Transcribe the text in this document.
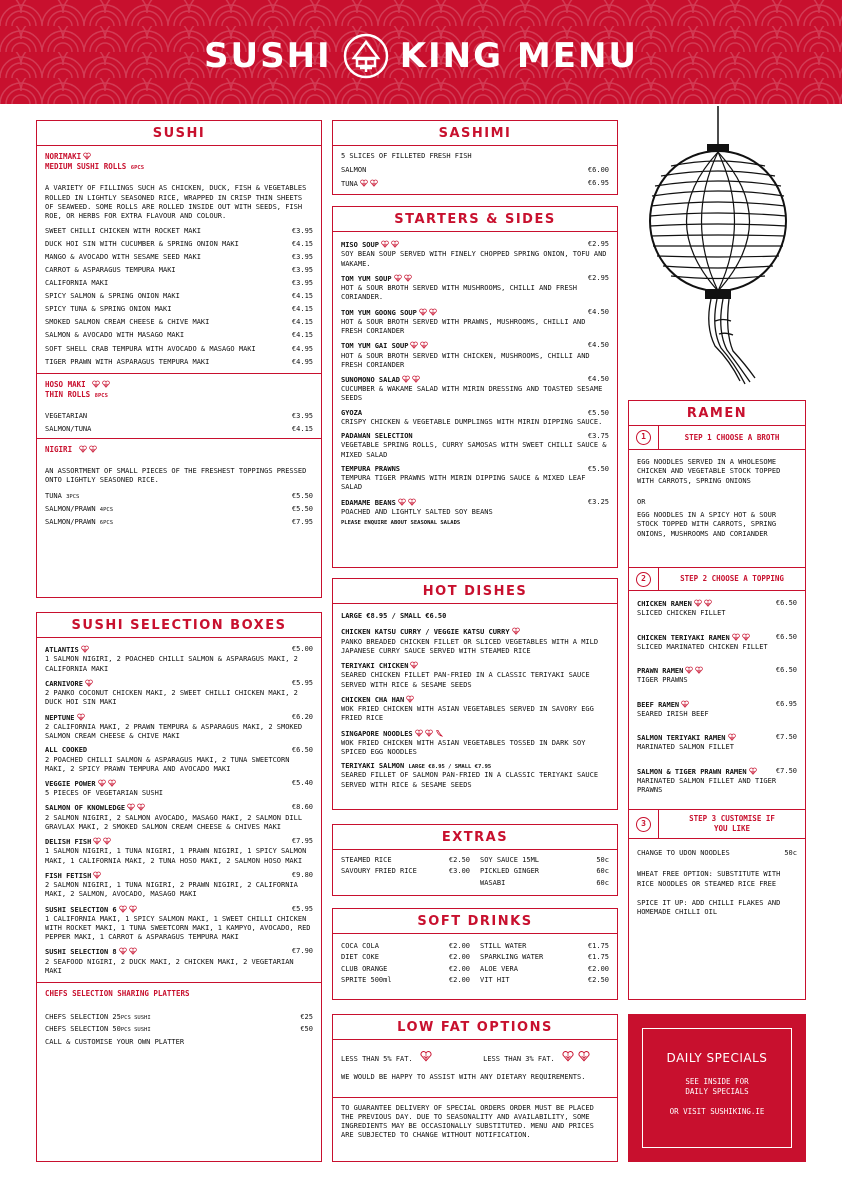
SUSHI KING MENU
SUSHI
NORIMAKI
MEDIUM SUSHI ROLLS 6PCS
A VARIETY OF FILLINGS SUCH AS CHICKEN, DUCK, FISH & VEGETABLES ROLLED IN LIGHTLY SEASONED RICE, WRAPPED IN CRISP THIN SHEETS OF SEAWEED. SOME ROLLS ARE ROLLED INSIDE OUT WITH SEEDS, FISH ROE, OR HERBS FOR EXTRA FLAVOUR AND COLOUR.
SWEET CHILLI CHICKEN WITH ROCKET MAKI	€3.95
DUCK HOI SIN WITH CUCUMBER & SPRING ONION MAKI	€4.15
MANGO & AVOCADO WITH SESAME SEED MAKI	€3.95
CARROT & ASPARAGUS TEMPURA MAKI	€3.95
CALIFORNIA MAKI	€3.95
SPICY SALMON & SPRING ONION MAKI	€4.15
SPICY TUNA & SPRING ONION MAKI	€4.15
SMOKED SALMON CREAM CHEESE & CHIVE MAKI	€4.15
SALMON & AVOCADO WITH MASAGO MAKI	€4.15
SOFT SHELL CRAB TEMPURA WITH AVOCADO & MASAGO MAKI	€4.95
TIGER PRAWN WITH ASPARAGUS TEMPURA MAKI	€4.95
HOSO MAKI
THIN ROLLS 8PCS
VEGETARIAN	€3.95
SALMON/TUNA	€4.15
NIGIRI
AN ASSORTMENT OF SMALL PIECES OF THE FRESHEST TOPPINGS PRESSED ONTO LIGHTLY SEASONED RICE.
TUNA 3PCS	€5.50
SALMON/PRAWN 4PCS	€5.50
SALMON/PRAWN 6PCS	€7.95
SUSHI SELECTION BOXES
ATLANTIS	€5.00
1 SALMON NIGIRI, 2 POACHED CHILLI SALMON & ASPARAGUS MAKI, 2 CALIFORNIA MAKI
CARNIVORE	€5.95
2 PANKO COCONUT CHICKEN MAKI, 2 SWEET CHILLI CHICKEN MAKI, 2 DUCK HOI SIN MAKI
NEPTUNE	€6.20
2 CALIFORNIA MAKI, 2 PRAWN TEMPURA & ASPARAGUS MAKI, 2 SMOKED SALMON CREAM CHEESE & CHIVE MAKI
ALL COOKED	€6.50
2 POACHED CHILLI SALMON & ASPARAGUS MAKI, 2 TUNA SWEETCORN MAKI, 2 SPICY PRAWN TEMPURA AND AVOCADO MAKI
VEGGIE POWER	€5.40
5 PIECES OF VEGETARIAN SUSHI
SALMON OF KNOWLEDGE	€8.60
2 SALMON NIGIRI, 2 SALMON AVOCADO, MASAGO MAKI, 2 SALMON DILL GRAVLAX MAKI, 2 SMOKED SALMON CREAM CHEESE & CHIVES MAKI
DELISH FISH	€7.95
1 SALMON NIGIRI, 1 TUNA NIGIRI, 1 PRAWN NIGIRI, 1 SPICY SALMON MAKI, 1 CALIFORNIA MAKI, 2 TUNA HOSO MAKI, 2 SALMON HOSO MAKI
FISH FETISH	€9.80
2 SALMON NIGIRI, 1 TUNA NIGIRI, 2 PRAWN NIGIRI, 2 CALIFORNIA MAKI, 2 SALMON, AVOCADO, MASAGO MAKI
SUSHI SELECTION 6	€5.95
1 CALIFORNIA MAKI, 1 SPICY SALMON MAKI, 1 SWEET CHILLI CHICKEN WITH ROCKET MAKI, 1 TUNA SWEETCORN MAKI, 1 KAMPYO, AVOCADO, RED PEPPER MAKI, 1 CARROT & ASPARAGUS TEMPURA MAKI
SUSHI SELECTION 8	€7.90
2 SEAFOOD NIGIRI, 2 DUCK MAKI, 2 CHICKEN MAKI, 2 VEGETARIAN MAKI
CHEFS SELECTION SHARING PLATTERS
CHEFS SELECTION 25PCS SUSHI	€25
CHEFS SELECTION 50PCS SUSHI	€50
CALL & CUSTOMISE YOUR OWN PLATTER
SASHIMI
5 SLICES OF FILLETED FRESH FISH
SALMON	€6.00
TUNA	€6.95
STARTERS & SIDES
MISO SOUP	€2.95
SOY BEAN SOUP SERVED WITH FINELY CHOPPED SPRING ONION, TOFU AND WAKAME.
TOM YUM SOUP	€2.95
HOT & SOUR BROTH SERVED WITH MUSHROOMS, CHILLI AND FRESH CORIANDER.
TOM YUM GOONG SOUP	€4.50
HOT & SOUR BROTH SERVED WITH PRAWNS, MUSHROOMS, CHILLI AND FRESH CORIANDER
TOM YUM GAI SOUP	€4.50
HOT & SOUR BROTH SERVED WITH CHICKEN, MUSHROOMS, CHILLI AND FRESH CORIANDER
SUNOMONO SALAD	€4.50
CUCUMBER & WAKAME SALAD WITH MIRIN DRESSING AND TOASTED SESAME SEEDS
GYOZA	€5.50
CRISPY CHICKEN & VEGETABLE DUMPLINGS WITH MIRIN DIPPING SAUCE.
PADAWAN SELECTION	€3.75
VEGETABLE SPRING ROLLS, CURRY SAMOSAS WITH SWEET CHILLI SAUCE & MIXED SALAD
TEMPURA PRAWNS	€5.50
TEMPURA TIGER PRAWNS WITH MIRIN DIPPING SAUCE & MIXED LEAF SALAD
EDAMAME BEANS	€3.25
POACHED AND LIGHTLY SALTED SOY BEANS
PLEASE ENQUIRE ABOUT SEASONAL SALADS
HOT DISHES
LARGE €8.95 / SMALL €6.50
CHICKEN KATSU CURRY / VEGGIE KATSU CURRY
PANKO BREADED CHICKEN FILLET OR SLICED VEGETABLES WITH A MILD JAPANESE CURRY SAUCE SERVED WITH STEAMED RICE
TERIYAKI CHICKEN
SEARED CHICKEN FILLET PAN-FRIED IN A CLASSIC TERIYAKI SAUCE SERVED WITH RICE & SESAME SEEDS
CHICKEN CHA HAN
WOK FRIED CHICKEN WITH ASIAN VEGETABLES SERVED IN SAVORY EGG FRIED RICE
SINGAPORE NOODLES
WOK FRIED CHICKEN WITH ASIAN VEGETABLES TOSSED IN DARK SOY SPICED EGG NOODLES
TERIYAKI SALMON LARGE €8.95 / SMALL €7.95
SEARED FILLET OF SALMON PAN-FRIED IN A CLASSIC TERIYAKI SAUCE SERVED WITH RICE & SESAME SEEDS
EXTRAS
STEAMED RICE	€2.50
SAVOURY FRIED RICE	€3.00
SOY SAUCE 15ML	50c
PICKLED GINGER	60c
WASABI	60c
SOFT DRINKS
COCA COLA	€2.00
DIET COKE	€2.00
CLUB ORANGE	€2.00
SPRITE 500ml	€2.00
STILL WATER	€1.75
SPARKLING WATER	€1.75
ALOE VERA	€2.00
VIT HIT	€2.50
LOW FAT OPTIONS
LESS THAN 5% FAT.	LESS THAN 3% FAT.
WE WOULD BE HAPPY TO ASSIST WITH ANY DIETARY REQUIREMENTS.
TO GUARANTEE DELIVERY OF SPECIAL ORDERS ORDER MUST BE PLACED THE PREVIOUS DAY. DUE TO SEASONALITY AND AVAILABILITY, SOME INGREDIENTS MAY BE OCCASIONALLY SUBSTITUTED. MENU AND PRICES ARE SUBJECTED TO CHANGE WITHOUT NOTIFICATION.
RAMEN
1	STEP 1 CHOOSE A BROTH
EGG NOODLES SERVED IN A WHOLESOME CHICKEN AND VEGETABLE STOCK TOPPED WITH CARROTS, SPRING ONIONS
OR
EGG NOODLES IN A SPICY HOT & SOUR STOCK TOPPED WITH CARROTS, SPRING ONIONS, MUSHROOMS AND CORIANDER
2	STEP 2 CHOOSE A TOPPING
CHICKEN RAMEN	€6.50
SLICED CHICKEN FILLET
CHICKEN TERIYAKI RAMEN	€6.50
SLICED MARINATED CHICKEN FILLET
PRAWN RAMEN	€6.50
TIGER PRAWNS
BEEF RAMEN	€6.95
SEARED IRISH BEEF
SALMON TERIYAKI RAMEN	€7.50
MARINATED SALMON FILLET
SALMON & TIGER PRAWN RAMEN	€7.50
MARINATED SALMON FILLET AND TIGER PRAWNS
3
STEP 3 CUSTOMISE IF YOU LIKE
CHANGE TO UDON NOODLES	50c
WHEAT FREE OPTION: SUBSTITUTE WITH RICE NOODLES OR STEAMED RICE FREE
SPICE IT UP: ADD CHILLI FLAKES AND HOMEMADE CHILLI OIL
DAILY SPECIALS
SEE INSIDE FOR
DAILY SPECIALS
OR VISIT SUSHIKING.IE
